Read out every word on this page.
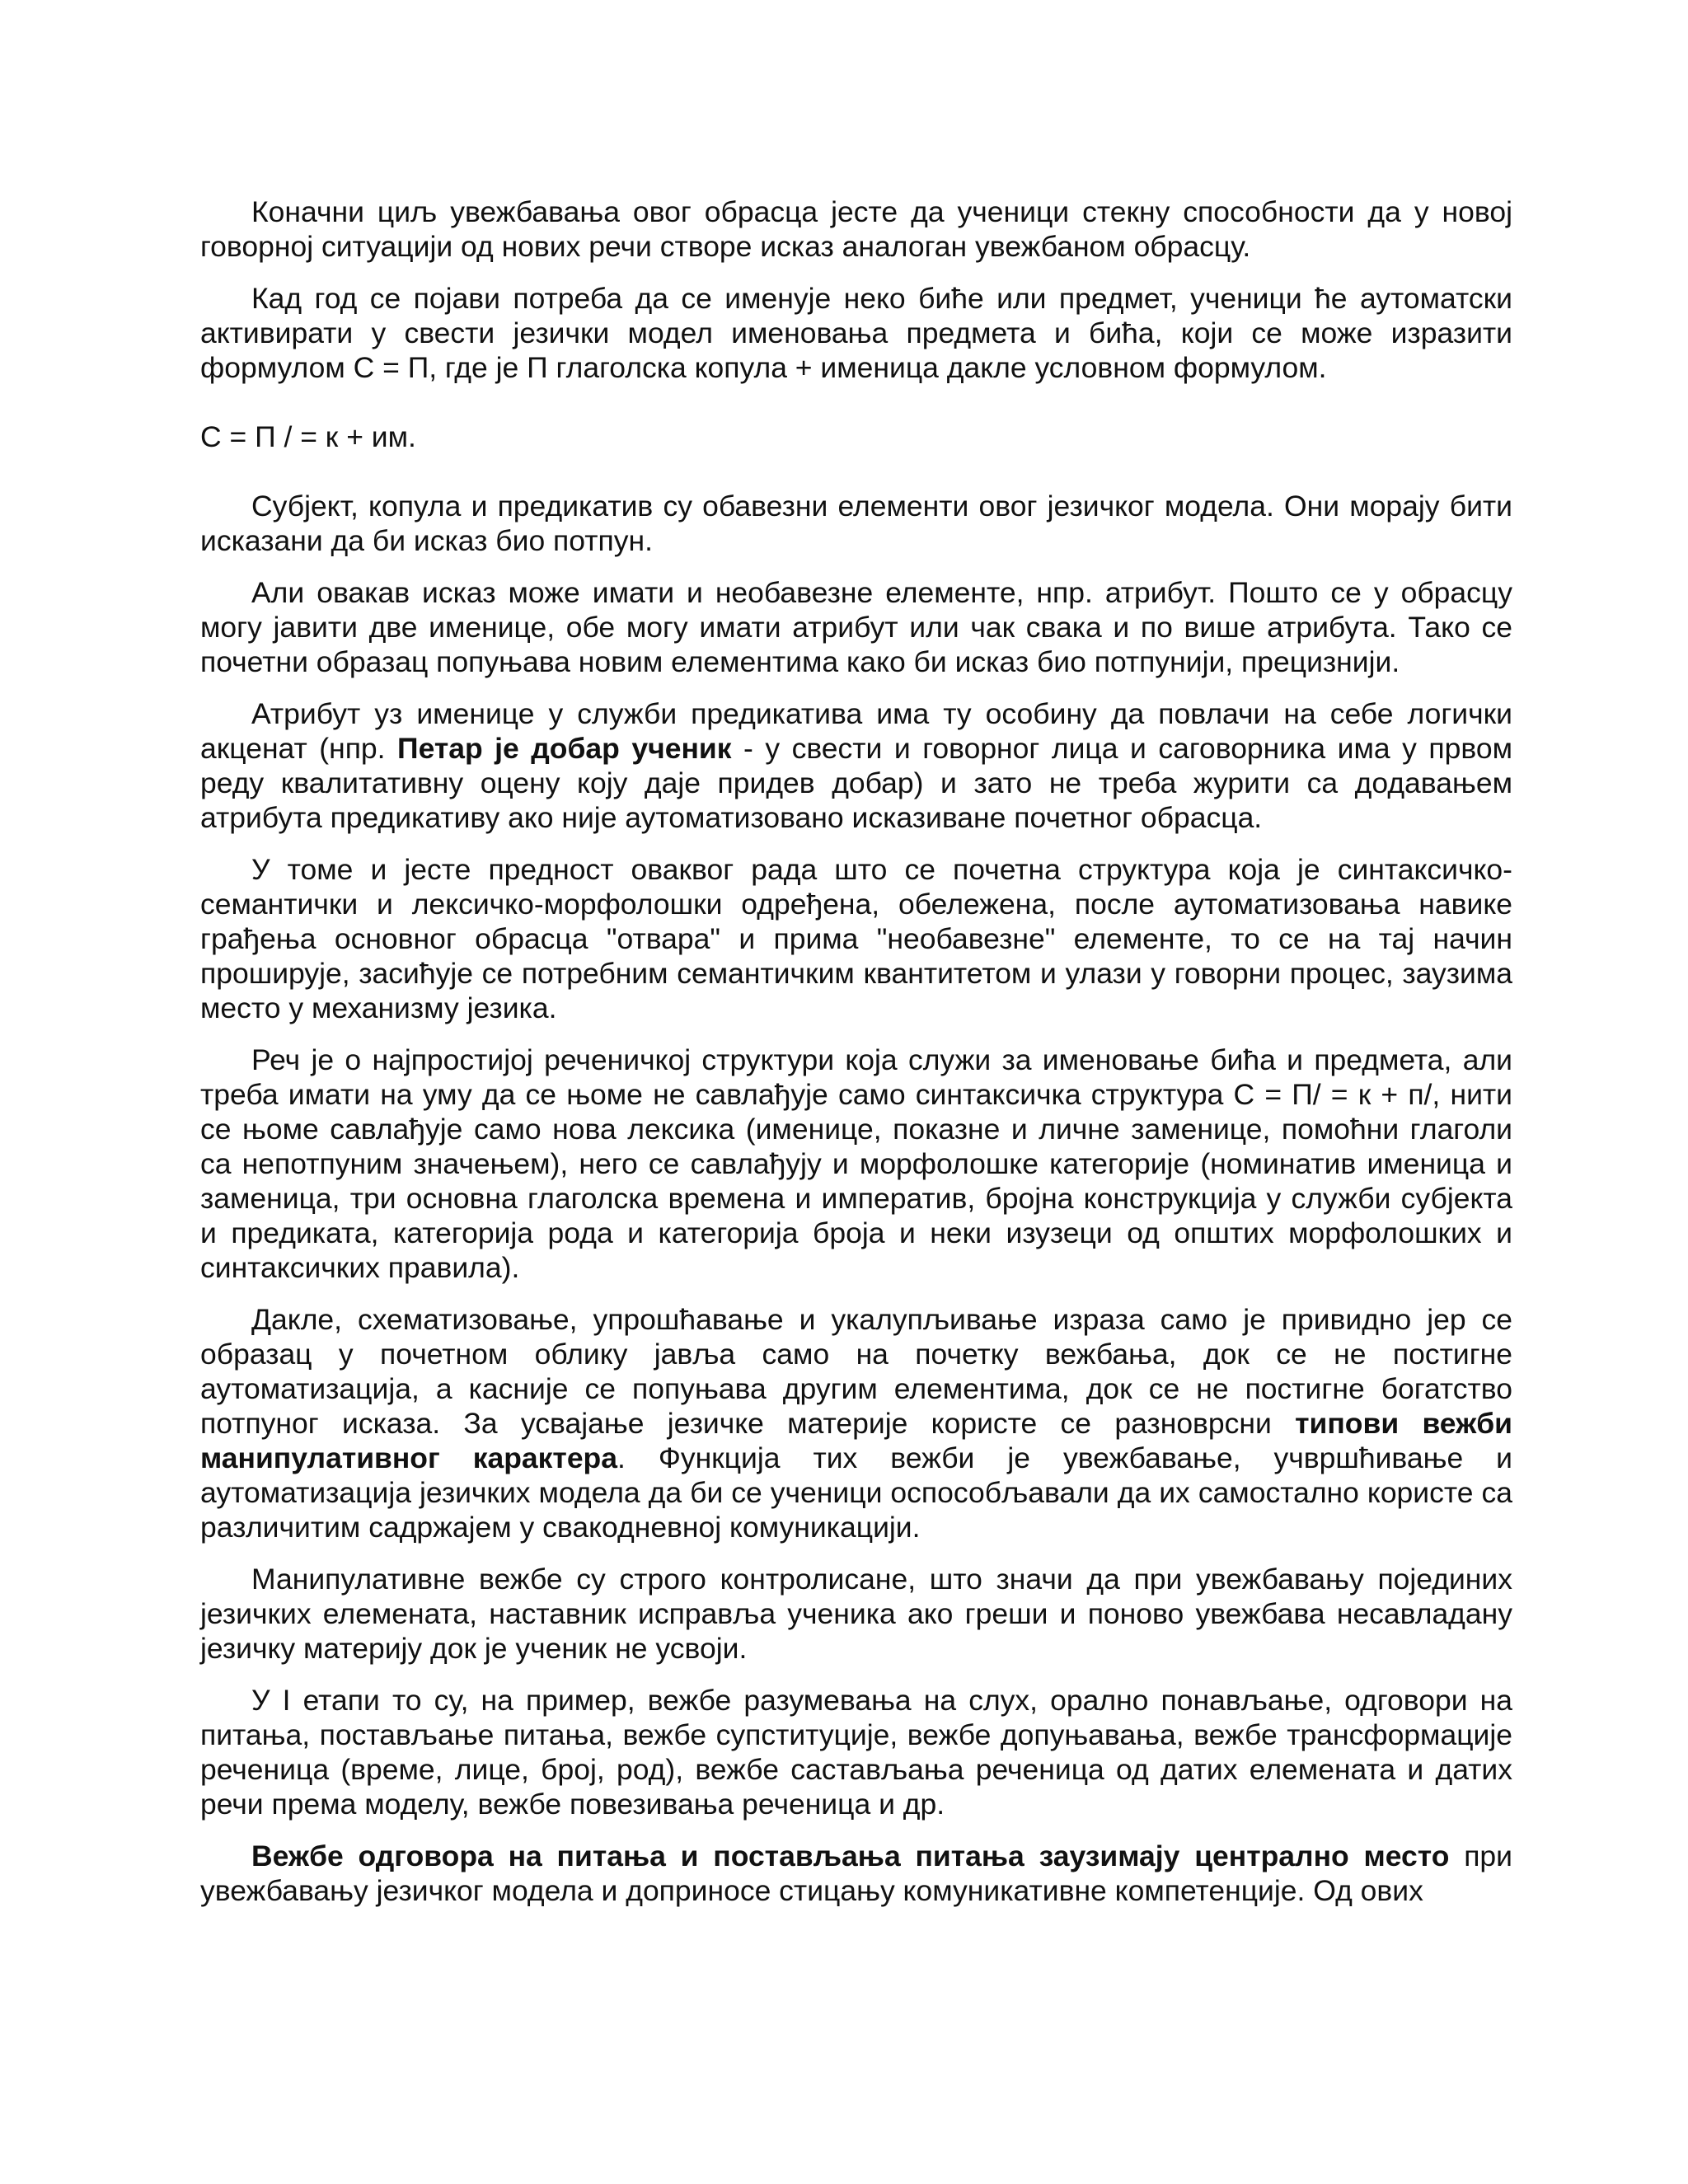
Коначни циљ увежбавања овог обрасца јесте да ученици стекну способности да у новој говорној ситуацији од нових речи створе исказ аналоган увежбаном обрасцу.

Кад год се појави потреба да се именује неко биће или предмет, ученици ће аутоматски активирати у свести језички модел именовања предмета и бића, који се може изразити формулом С = П, где је П глаголска копула + именица дакле условном формулом.

С = П / = к + им.

Субјект, копула и предикатив су обавезни елементи овог језичког модела. Они морају бити исказани да би исказ био потпун.

Али овакав исказ може имати и необавезне елементе, нпр. атрибут. Пошто се у обрасцу могу јавити две именице, обе могу имати атрибут или чак свака и по више атрибута. Тако се почетни образац попуњава новим елементима како би исказ био потпунији, прецизнији.

Атрибут уз именице у служби предикатива има ту особину да повлачи на себе логички акценат (нпр. Петар је добар ученик - у свести и говорног лица и саговорника има у првом реду квалитативну оцену коју даје придев добар) и зато не треба журити са додавањем атрибута предикативу ако није аутоматизовано исказиване почетног обрасца.

У томе и јесте предност оваквог рада што се почетна структура која је синтаксичко-семантички и лексичко-морфолошки одређена, обележена, после аутоматизовања навике грађења основног обрасца "отвара" и прима "необавезне" елементе, то се на тај начин проширује, засићује се потребним семантичким квантитетом и улази у говорни процес, заузима место у механизму језика.

Реч је о најпростијој реченичкој структури која служи за именовање бића и предмета, али треба имати на уму да се њоме не савлађује само синтаксичка структура С = П/ = к + п/, нити се њоме савлађује само нова лексика (именице, показне и личне заменице, помоћни глаголи са непотпуним значењем), него се савлађују и морфолошке категорије (номинатив именица и заменица, три основна глаголска времена и императив, бројна конструкција у служби субјекта и предиката, категорија рода и категорија броја и неки изузеци од општих морфолошких и синтаксичких правила).

Дакле, схематизовање, упрошћавање и укалупљивање израза само је привидно јер се образац у почетном облику јавља само на почетку вежбања, док се не постигне аутоматизација, а касније се попуњава другим елементима, док се не постигне богатство потпуног исказа. За усвајање језичке материје користе се разноврсни типови вежби манипулативног карактера. Функција тих вежби је увежбавање, учвршћивање и аутоматизација језичких модела да би се ученици оспособљавали да их самостално користе са различитим садржајем у свакодневној комуникацији.

Манипулативне вежбе су строго контролисане, што значи да при увежбавању појединих језичких елемената, наставник исправља ученика ако греши и поново увежбава несавладану језичку материју док је ученик не усвоји.

У I етапи то су, на пример, вежбе разумевања на слух, орално понављање, одговори на питања, постављање питања, вежбе супституције, вежбе допуњавања, вежбе трансформације реченица (време, лице, број, род), вежбе састављања реченица од датих елемената и датих речи према моделу, вежбе повезивања реченица и др.

Вежбе одговора на питања и постављања питања заузимају централно место при увежбавању језичког модела и доприносе стицању комуникативне компетенције. Од ових
